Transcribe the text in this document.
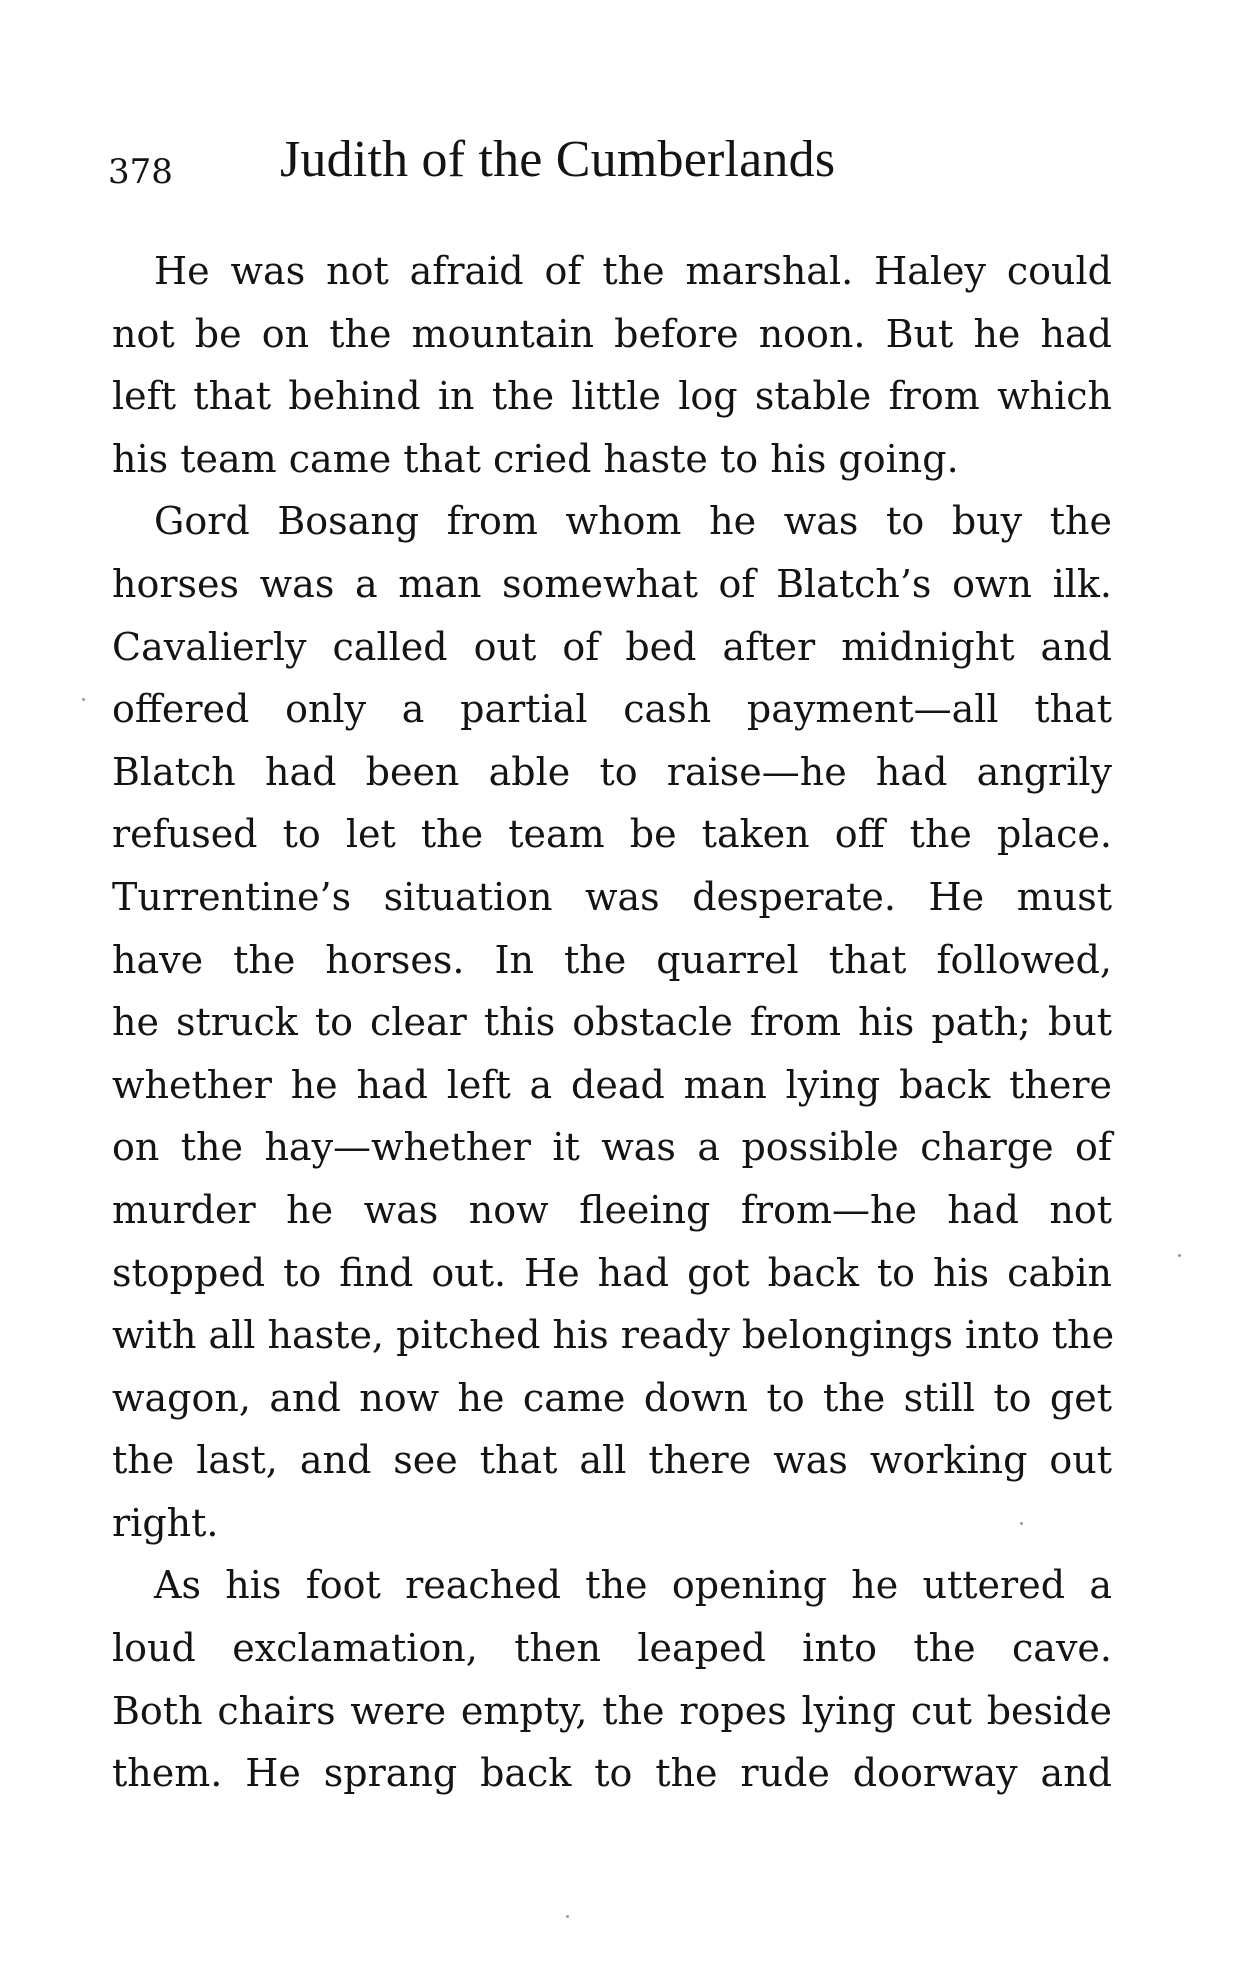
378 Judith of the Cumberlands
He was not afraid of the marshal. Haley could
not be on the mountain before noon. But he had
left that behind in the little log stable from which
his team came that cried haste to his going.
Gord Bosang from whom he was to buy the
horses was a man somewhat of Blatch’s own ilk.
Cavalierly called out of bed after midnight and
offered only a partial cash payment—all that
Blatch had been able to raise—he had angrily
refused to let the team be taken off the place.
Turrentine’s situation was desperate. He must
have the horses. In the quarrel that followed,
he struck to clear this obstacle from his path; but
whether he had left a dead man lying back there
on the hay—whether it was a possible charge of
murder he was now fleeing from—he had not
stopped to find out. He had got back to his cabin
with all haste, pitched his ready belongings into the
wagon, and now he came down to the still to get
the last, and see that all there was working out
right.
As his foot reached the opening he uttered a
loud exclamation, then leaped into the cave.
Both chairs were empty, the ropes lying cut beside
them. He sprang back to the rude doorway and
